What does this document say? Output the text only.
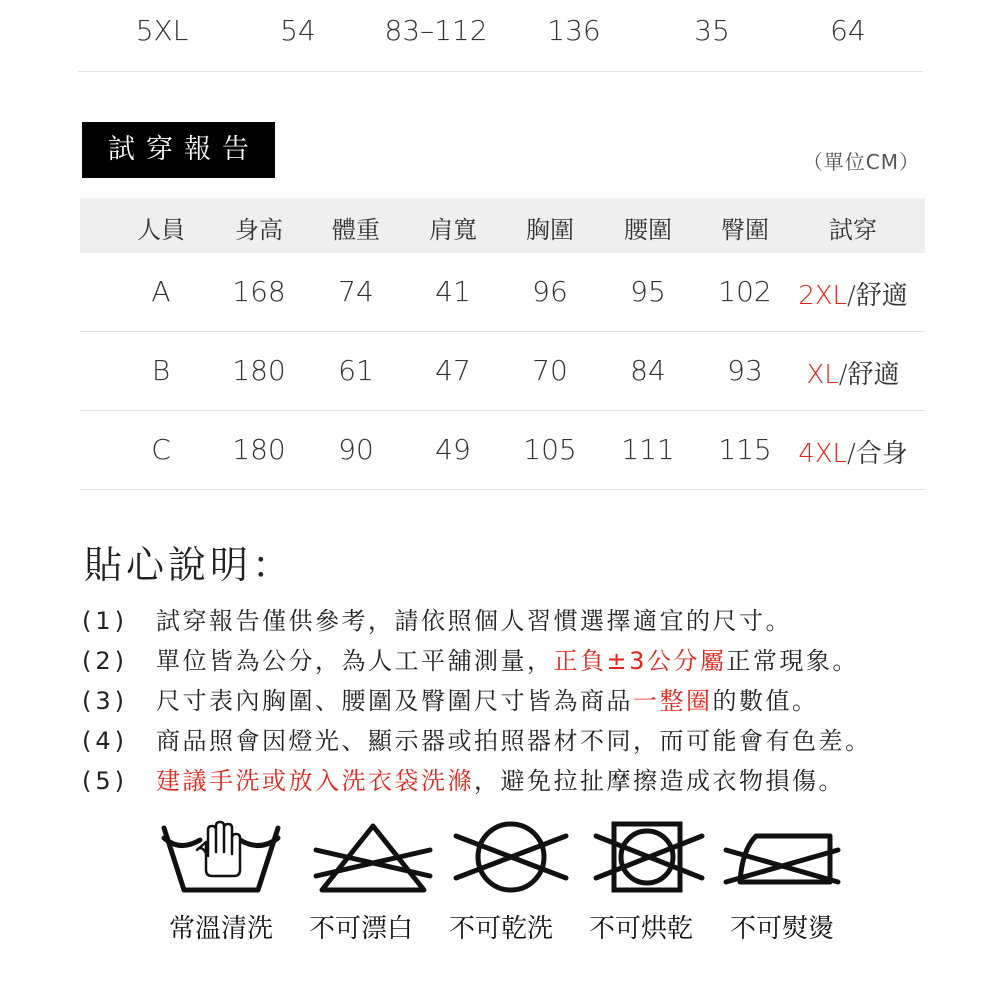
5XL	54 83–112 136	35	64
試穿報告	（單位CM）
人員 身高 體重 肩寬 胸圍 腰圍 臀圍	試穿
A 168 74 41 96 95 102 2XL/舒適
B 180 61 47 70 84 93 XL/舒適
C 180 90 49 105 111 115 4XL/合身
貼心說明：
(1) 試穿報告僅供參考，請依照個人習慣選擇適宜的尺寸。
(2) 單位皆為公分，為人工平舖測量，正負±3公分屬正常現象。
(3) 尺寸表內胸圍、腰圍及臀圍尺寸皆為商品一整圈的數值。
(4) 商品照會因燈光、顯示器或拍照器材不同，而可能會有色差。
(5) 建議手洗或放入洗衣袋洗滌，避免拉扯摩擦造成衣物損傷。
常溫清洗 不可漂白 不可乾洗 不可烘乾 不可熨燙
